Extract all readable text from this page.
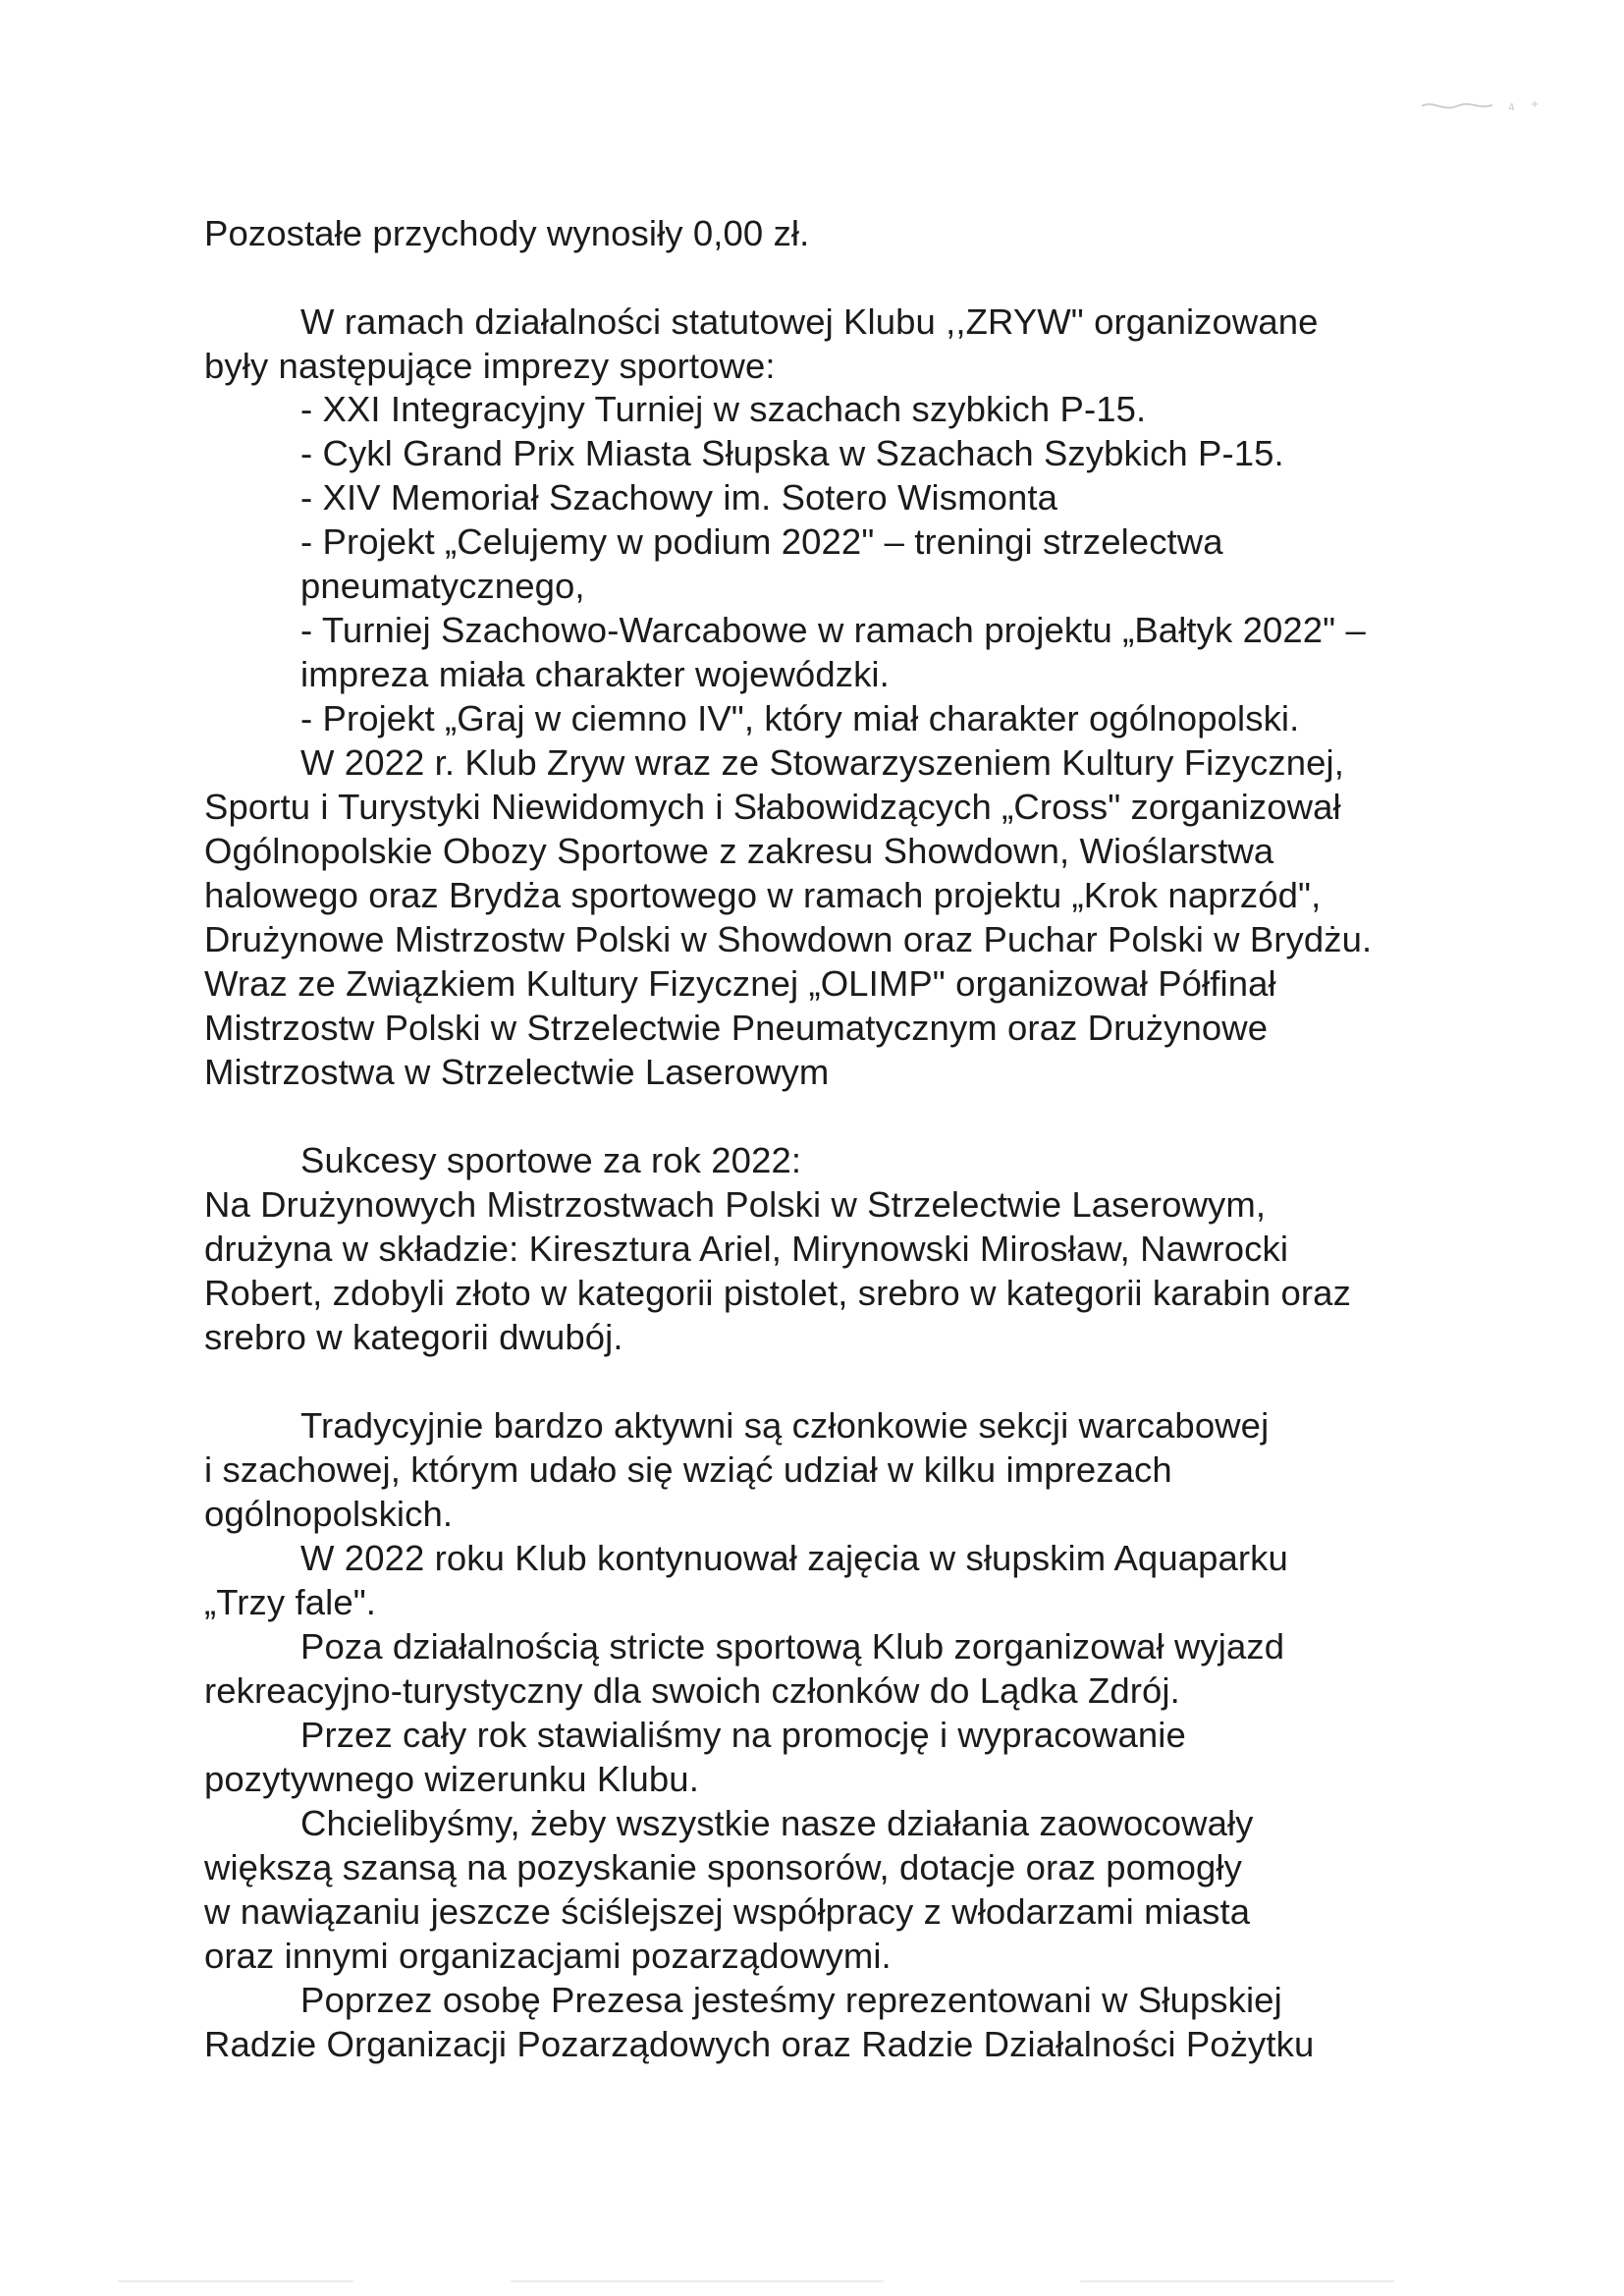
4
Pozostałe przychody wynosiły 0,00 zł.
W ramach działalności statutowej Klubu ,,ZRYW" organizowane
były następujące imprezy sportowe:
- XXI Integracyjny Turniej w szachach szybkich P-15.
- Cykl Grand Prix Miasta Słupska w Szachach Szybkich P-15.
- XIV Memoriał Szachowy im. Sotero Wismonta
- Projekt „Celujemy w podium 2022" – treningi strzelectwa
pneumatycznego,
- Turniej Szachowo-Warcabowe w ramach projektu „Bałtyk 2022" –
impreza miała charakter wojewódzki.
- Projekt „Graj w ciemno IV", który miał charakter ogólnopolski.
W 2022 r. Klub Zryw wraz ze Stowarzyszeniem Kultury Fizycznej,
Sportu i Turystyki Niewidomych i Słabowidzących „Cross" zorganizował
Ogólnopolskie Obozy Sportowe z zakresu Showdown, Wioślarstwa
halowego oraz Brydża sportowego w ramach projektu „Krok naprzód",
Drużynowe Mistrzostw Polski w Showdown oraz Puchar Polski w Brydżu.
Wraz ze Związkiem Kultury Fizycznej „OLIMP" organizował Półfinał
Mistrzostw Polski w Strzelectwie Pneumatycznym oraz Drużynowe
Mistrzostwa w Strzelectwie Laserowym
Sukcesy sportowe za rok 2022:
Na Drużynowych Mistrzostwach Polski w Strzelectwie Laserowym,
drużyna w składzie: Kiresztura Ariel, Mirynowski Mirosław, Nawrocki
Robert, zdobyli złoto w kategorii pistolet, srebro w kategorii karabin oraz
srebro w kategorii dwubój.
Tradycyjnie bardzo aktywni są członkowie sekcji warcabowej
i szachowej, którym udało się wziąć udział w kilku imprezach
ogólnopolskich.
W 2022 roku Klub kontynuował zajęcia w słupskim Aquaparku
„Trzy fale".
Poza działalnością stricte sportową Klub zorganizował wyjazd
rekreacyjno-turystyczny dla swoich członków do Lądka Zdrój.
Przez cały rok stawialiśmy na promocję i wypracowanie
pozytywnego wizerunku Klubu.
Chcielibyśmy, żeby wszystkie nasze działania zaowocowały
większą szansą na pozyskanie sponsorów, dotacje oraz pomogły
w nawiązaniu jeszcze ściślejszej współpracy z włodarzami miasta
oraz innymi organizacjami pozarządowymi.
Poprzez osobę Prezesa jesteśmy reprezentowani w Słupskiej
Radzie Organizacji Pozarządowych oraz Radzie Działalności Pożytku
